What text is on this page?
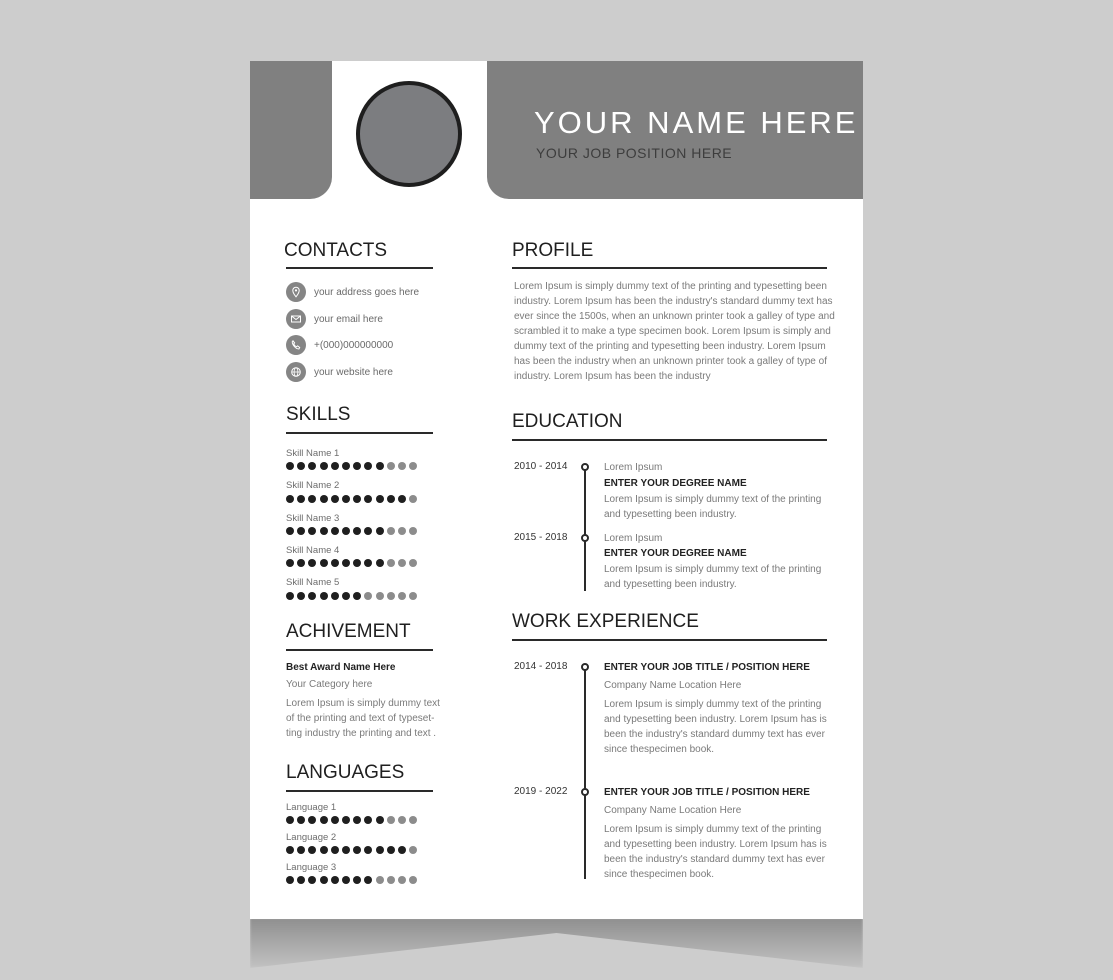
YOUR NAME HERE
YOUR JOB POSITION HERE
CONTACTS
your address goes here
your email here
+(000)000000000
your website here
SKILLS
Skill Name 1
Skill Name 2
Skill Name 3
Skill Name 4
Skill Name 5
ACHIVEMENT
Best Award Name Here
Your Category here
Lorem Ipsum is simply dummy text
of the printing and text of typeset-
ting industry the printing and text .
LANGUAGES
Language 1
Language 2
Language 3
PROFILE
Lorem Ipsum is simply dummy text of the printing and typesetting been
industry. Lorem Ipsum has been the industry's standard dummy text has
ever since the 1500s, when an unknown printer took a galley of type and
scrambled it to make a type specimen book. Lorem Ipsum is simply and
dummy text of the printing and typesetting been industry. Lorem Ipsum
has been the industry when an unknown printer took a galley of type of
industry. Lorem Ipsum has been the industry
EDUCATION
2010 - 2014	Lorem Ipsum
ENTER YOUR DEGREE NAME
Lorem Ipsum is simply dummy text of the printing
and typesetting been industry.
2015 - 2018	Lorem Ipsum
ENTER YOUR DEGREE NAME
Lorem Ipsum is simply dummy text of the printing
and typesetting been industry.
WORK EXPERIENCE
2014 - 2018	ENTER YOUR JOB TITLE / POSITION HERE
Company Name Location Here
Lorem Ipsum is simply dummy text of the printing
and typesetting been industry. Lorem Ipsum has is
been the industry's standard dummy text has ever
since thespecimen book.
2019 - 2022	ENTER YOUR JOB TITLE / POSITION HERE
Company Name Location Here
Lorem Ipsum is simply dummy text of the printing
and typesetting been industry. Lorem Ipsum has is
been the industry's standard dummy text has ever
since thespecimen book.
